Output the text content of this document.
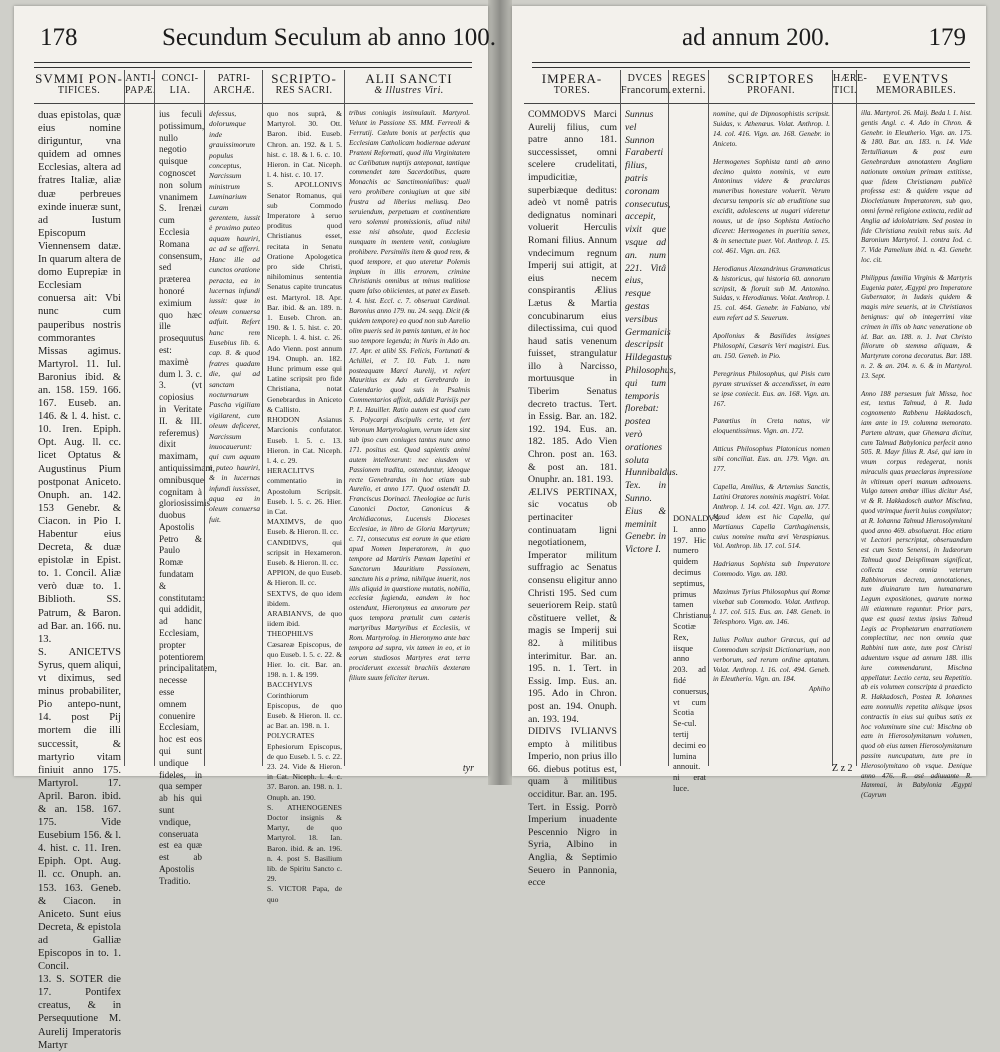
178	Secundum Seculum ab anno 100.
SVMMI PON-
TIFICES.

duas epistolas, quæ eius nomine diriguntur, vna quidem ad omnes Ecclesias, altera ad fratres Italiæ, aliæ duæ perbreues exinde inueræ sunt, ad Iustum Episcopum Viennensem datæ. In quarum altera de domo Euprepiæ in Ecclesiam conuersa ait: Vbi nunc cum pauperibus nostris commorantes Missas agimus. Martyrol. 11. Iul. Baronius ibid. & an. 158. 159. 166. 167. Euseb. an. 146. & l. 4. hist. c. 10. Iren. Epiph. Opt. Aug. ll. cc. licet Optatus & Augustinus Pium postponat Aniceto. Onuph. an. 142. 153 Genebr. & Ciacon. in Pio I. Habentur eius Decreta, & duæ epistolæ in Epist. to. 1. Concil. Aliæ verò duæ to. 1. Biblioth. SS. Patrum, & Baron. ad Bar. an. 166. nu. 13.

S. ANICETVS Syrus, quem aliqui, vt diximus, sed minus probabiliter, Pio antepo-nunt, 14. post Pij mortem die illi successit, & martyrio vitam finiuit anno 175. Martyrol. 17. April. Baron. ibid. & an. 158. 167. 175. Vide Eusebium 156. & l. 4. hist. c. 11. Iren. Epiph. Opt. Aug. ll. cc. Onuph. an. 153. 163. Geneb. & Ciacon. in Aniceto. Sunt eius Decreta, & epistola ad Galliæ Episcopos in to. 1. Concil.

13. S. SOTER die 17. Pontifex creatus, & in Persequutione M. Aurelij Imperatoris Martyr

ANTI-
PAPÆ.
CONCI-
LIA.

ius feculi potissimum, nullo negotio quisque cognoscet non solum vnanimem S. Irenæi cum Ecclesia Romana consensum, sed præterea honoré eximium quo hæc ille prosequutus est: maximè dum l. 3. c. 3. (vt copiosius in Veritate II. & III. referemus) dixit maximam, antiquissimam, omnibusque cognitam à gloriosissimis duobus Apostolis Petro & Paulo Romæ fundatam & constitutam: qui addidit, ad hanc Ecclesiam, propter potentiorem principalitatem, necesse esse omnem conuenire Ecclesiam, hoc est eos qui sunt undique fideles, in qua semper ab his qui sunt vndique, conseruata est ea quæ est ab Apostolis Traditio.

PATRI-
ARCHÆ.

defessus, dolorumque inde grauissimorum populus conceptus, Narcissum ministrum Luminarium curam gerentem, iussit è proximo puteo aquam hauriri, ac ad se afferri. Hanc ille ad cunctos oratione peracta, ea in lucernas infundi iussit: quæ in oleum conuersa adfuit. Refert hanc rem Eusebius lib. 6. cap. 8. & quod fratres quadam die, qui ad sanctam nocturnarum Pascha vigiliam vigilarent, cum oleum deficeret, Narcissum inuocauerunt: qui cum aquam è puteo hauriri, & in lucernas infundi iussisset, aqua ea in oleum conuersa fuit.

SCRIPTO-
RES SACRI.

quo nos suprà, & Martyrol. 30. Ott. Baron. ibid. Euseb. Chron. an. 192. & l. 5. hist. c. 18. & l. 6. c. 10. Hieron. in Cat. Niceph. l. 4. hist. c. 10. 17.

S. APOLLONIVS Senator Romanus, qui sub Commodo Imperatore à seruo proditus quod Christianus esset, recitata in Senatu Oratione Apologetica pro side Christi, nihilominus sententia Senatus capite truncatus est. Martyrol. 18. Apr. Bar. ibid. & an. 189. n. 1. Euseb. Chron. an. 190. & l. 5. hist. c. 20. Niceph. l. 4. hist. c. 26. Ado Vienn. post annum 194. Onuph. an. 182. Hunc primum esse qui Latine scripsit pro fide Christiana, notat Genebrardus in Aniceto & Callisto.

RHODON Asianus Marcionis confutator. Euseb. l. 5. c. 13. Hieron. in Cat. Niceph. l. 4. c. 29.

HERACLITVS commentatio in Apostolum Scripsit. Euseb. l. 5. c. 26. Hier. in Cat.

MAXIMVS, de quo Euseb. & Hieron. ll. cc.

CANDIDVS, qui scripsit in Hexameron. Euseb. & Hieron. ll. cc.

APPION, de quo Euseb. & Hieron. ll. cc.

SEXTVS, de quo idem ibidem.

ARABIANVS, de quo iidem ibid.

THEOPHILVS Cæsareæ Episcopus, de quo Euseb. l. 5. c. 22. & Hier. lo. cit. Bar. an. 198. n. 1. & 199.

BACCHYLVS Corinthiorum Episcopus, de quo Euseb. & Hieron. ll. cc. ac Bar. an. 198. n. 1.

POLYCRATES Ephesiorum Episcopus, de quo Euseb. l. 5. c. 22. 23. 24. Vide & Hieron. in Cat. Niceph. l. 4. c. 37. Baron. an. 198. n. 1. Onuph. an. 190.

S. ATHENOGENES Doctor insignis & Martyr, de quo Martyrol. 18. Ian. Baron. ibid. & an. 196. n. 4. post S. Basilium lib. de Spiritu Sancto c. 29.

S. VICTOR Papa, de quo

ALII SANCTI
& Illustres Viri.

tribus coniugis insimulauit. Martyrol. Velunt in Passione SS. MM. Ferreoli & Ferrutij. Cælum bonis ut perfectis qua Ecclesiam Catholicam hodiernae aderant Præteni Reformati, quod illa Virginitatem ac Cælibatum nuptijs anteponat, tantique commendet tam Sacerdotibus, quam Monachis ac Sanctimonialibus: quali vero prohibere coniugium ut que sibi frustra ad liberius meliusq. Deo seruiendum, perpetuam et continentiam vero solemni promissionis, aliud nihil esse nisi absolute, quod Ecclesia nunquam in mentem venit, coniugium prohibere. Persimilis item & quod rem, & quod tempore, et quo uteretur Polemis impium in illis errorem, crimine Christianis omnibus ut minus malitiose quam falso obiicientes, ut patet ex Euseb. l. 4. hist. Eccl. c. 7. obseruat Cardinal. Baronius anno 179. nu. 24. seqq. Dicit (& quidem tempore) eo quod non sub Aurelio olim pueris sed in pœnis tantum, et in hoc suo tempore legenda; in Nuris in Ado an. 17. Apr. et alibi SS. Felicis, Fortunati & Achillei, et 7. 10. Fab. 1. nam posteaquam Marci Aurelij, vt refert Mauritius ex Ado et Gerebrardo in Calendario quod suis in Psalmis Commentarios affixit, addidit Parisijs per P. L. Hauiller. Ratio autem est quod cum S. Polycarpi discipulis certe, vt fert Veronum Martyrologium, verum idem sint sub ipso cum coniuges tantus nunc anno 171. positus est. Quod sapientis animi autem intellexerunt: nec eiusdem vt Passionem tradita, ostenduntur, ideoque recte Genebrardus in hoc etiam sub Aurelio, et anno 177. Quod ostendit D. Franciscus Dorinaci. Theologiae ac Iuris Canonici Doctor, Canonicus & Archidiaconus, Lucensis Dioceses Ecclesiae, in libro de Gloria Martyrum; c. 71, consecutus est eorum in que etiam apud Nomen Imperatorem, in quo tempore ad Martiris Pœnam Iapetini et Sanctorum Mauritium Passionem, sanctum his a prima, nihilque inuerit, nos illis aliquid in quæstione mutatis, nobilia, ecclesiæ fugienda, eandem in hoc ostendunt, Hieronymus ea annorum per quos tempora prætulit cum cæteris martyribus Martyribus et Ecclesiis, vt Rom. Martyrolog. in Hieronymo ante hæc tempora ad supra, vix tamen in eo, et in eorum studiosos Martyres erat terra prociderunt excessit brachiis dexteram filium suum feliciter iterum.

tyr
ad annum 200.	179
IMPERA-
TORES.

COMMODVS Marci Aurelij filius, cum patre anno 181. successisset, omni scelere crudelitati, impudicitiæ, superbiæque deditus: adeò vt nomê patris dedignatus nominari voluerit Herculis Romani filius. Annum vndecimum regnum Imperij sui attigit, at eius necem conspirantis Ælius Lætus & Martia concubinarum eius dilectissima, cui quod haud satis venenum fuisset, strangulatur illo à Narcisso, mortuusque in Tiberim Senatus decreto tractus. Tert. in Essig. Bar. an. 182. 192. 194. Eus. an. 182. 185. Ado Vien Chron. post an. 163. & post an. 181. Onuphr. an. 181. 193.

ÆLIVS PERTINAX, sic vocatus ob pertinaciter continuatam ligni negotiationem, Imperator militum suffragio ac Senatus consensu eligitur anno Christi 195. Sed cum seueriorem Reip. statû cõstituere vellet, & magis se Imperij sui 82. à militibus interimitur. Bar. an. 195. n. 1. Tert. in Essig. Imp. Eus. an. 195. Ado in Chron. post an. 194. Onuph. an. 193. 194.

DIDIVS IVLIANVS empto à militibus Imperio, non prius illo 66. diebus potitus est, quam à militibus occiditur. Bar. an. 195. Tert. in Essig. Porrò Imperium inuadente Pescennio Nigro in Syria, Albino in Anglia, & Septimio Seuero in Pannonia, ecce

DVCES
Francorum.

Sunnus vel Sunnon Faraberti filius, patris coronam consecutus, accepit, vixit que vsque ad an. num 221. Vitâ eius, resque gestas versibus Germanicis descripsit Hildegastus Philosophus, qui tum temporis florebat: postea verò orationes soluta Hunnibaldus. Tex. in Sunno. Eius & meminit Genebr. in Victore I.

REGES
externi.

DONALDVS I. anno 197. Hic numero quidem decimus septimus, primus tamen Christianus Scotiæ Rex, iisque anno 203. ad fidé conuersus, vt cum Scotia Se-cul. tertij decimi eo lumina annouit. ni erat luce.

SCRIPTORES
PROFANI.

nomine, qui de Dipnosophistis scripsit. Suidas, v. Athenæus. Volat. Anthrop. l. 14. col. 416. Vign. an. 168. Genebr. in Aniceto.

Hermogenes Sophista tanti ab anno decimo quinto nominis, vt eum Antoninus videre & præclaras muneribus honestare voluerit. Verum decursu temporis sic ab eruditione sua excidit, adolescens ut nugari videretur nouus, ut de ipso Sophista Antiocho diceret: Hermogenes in pueritia senex, & in senectute puer. Vol. Anthrop. l. 15. col. 461. Vign. an. 163.

Herodianus Alexandrinus Grammaticus & historicus, qui historia 60. annorum scripsit, & floruit sub M. Antonino. Suidas, v. Herodianus. Volat. Anthrop. l. 15. col. 464. Genebr. in Fabiano, vbi eum refert ad S. Seuerum.

Apollonius & Basilides insignes Philosophi, Cæsaris Veri magistri. Eus. an. 150. Geneb. in Pio.

Peregrinus Philosophus, qui Pisis cum pyram struxisset & accendisset, in eam se ipse coniecit. Eus. an. 168. Vign. an. 167.

Panætius in Creta natus, vir eloquentissimus. Vign. an. 172.

Atticus Philosophus Platonicus nomen sibi conciliat. Eus. an. 179. Vign. an. 177.

Capella, Amilius, & Artemius Sanctis, Latini Oratores nominis magistri. Volat. Anthrop. l. 14. col. 421. Vign. an. 177. Haud idem est hic Capella, qui Martianus Capella Carthaginensis, cuius nomine multa ævi Veraspianus. Vol. Anthrop. lib. 17. col. 514.

Hadrianus Sophista sub Imperatore Commodo. Vign. an. 180.

Maximus Tyrius Philosophus qui Romæ vixebat sub Commodo. Volat. Anthrop. l. 17. col. 515. Eus. an. 148. Geneb. in Telesphoro. Vign. an. 146.

Iulius Pollux author Græcus, qui ad Commodum scripsit Dictionarium, non verborum, sed rerum ordine aptatum. Volat. Anthrop. l. 16. col. 494. Geneb. in Eleutherio. Vign. an. 184.

Aphiho

HÆRE-
TICI.
EVENTVS
MEMORABILES.

illa. Martyrol. 26. Maij. Beda l. 1. hist. gentis Angl. c. 4. Ado in Chron. & Genebr. in Eleutherio. Vign. an. 175. & 180. Bar. an. 183. n. 14. Vide Tertullianum & post eum Genebrardum annotantem Angliam nationum omnium primam extitisse, quæ fidem Christianam publicè professa est: & quidem vsque ad Diocletianum Imperatorem, sub quo, omni fermè religione extincta, rediit ad Anglia ad idololatriam. Sed postea in fide Christiana reuixit rebus suis. Ad Baronium Martyrol. 1. contra Iod. c. 7. Vide Pamelium ibid. n. 43. Genebr. loc. cit.

Philippus familia Virginis & Martyris Eugenia pater, Ægypti pro Imperatore Gubernator, in Iudæis quidem & magis mire seueris, at in Christianos benignus: qui ob integerrimi vitæ crimen in illis ob hanc veneratione ob id. Bar. an. 188. n. 1. Ivat Christo filiorum ob stemma aliquam, & Martyrum corona decoratus. Bar. 188. n. 2. & an. 204. n. 6. & in Martyrol. 13. Sept.

Anno 188 persesum fuit Missa, hoc est, textus Talmud, à R. Iuda cognomento Rabbenu Hakkadosch, iam ante in 19. columna memorato. Partem altram, quæ Ghemara dicitur, cum Talmud Babylonica perfecit anno 505. R. Mayr filius R. Asé, qui iam in vnum corpus redegerat, nonis miraculis quas praeclaras impressione in vltimum operi manum admouens. Vulgo tamen ambar illius dicitur Asé, vt & R. Hakkadosch author Mischna, quod vtrimque fuerit huius compilator; at R. Iohanna Talmud Hierosolymitani quod anno 469. absoluerat. Hoc etiam vt Lectori perscriptat, obseruandum est cum Sexto Senensi, in Iudæorum Talmud quod Deisplimam significat, collecta esse omnia veterum Rabbinorum decreta, annotationes, tum diuinarum tum humanarum Legum expositiones, quarum norma illi etiamnum reguntur. Prior pars, quæ est quasi textus ipsius Talmud Legis ac Prophetarum enarrationem complectitur, nec non omnia quæ Rabbini tum ante, tum post Christi aduentum vsque ad annum 188. illis iure commendarunt, Mischna appellatur. Lectio certa, seu Repetitio. ab eis volumen conscripta à praedicto R. Hakkadosch, Postea R. Iohannes eam nonnullis repetita aliisque ipsos contractis in eius sui quibus satis ex hoc voluminum sine cui: Mischna ob eam in Hierosolymitanum volumen, quod ob eius tamen Hierosolymitanum passim nuncupatum, tum pre in Hierosolymitano ob vsque. Denique anno 476. R. asé adiuuante R. Hammai, in Babylonia Ægypti (Cayrum

Z z 2
